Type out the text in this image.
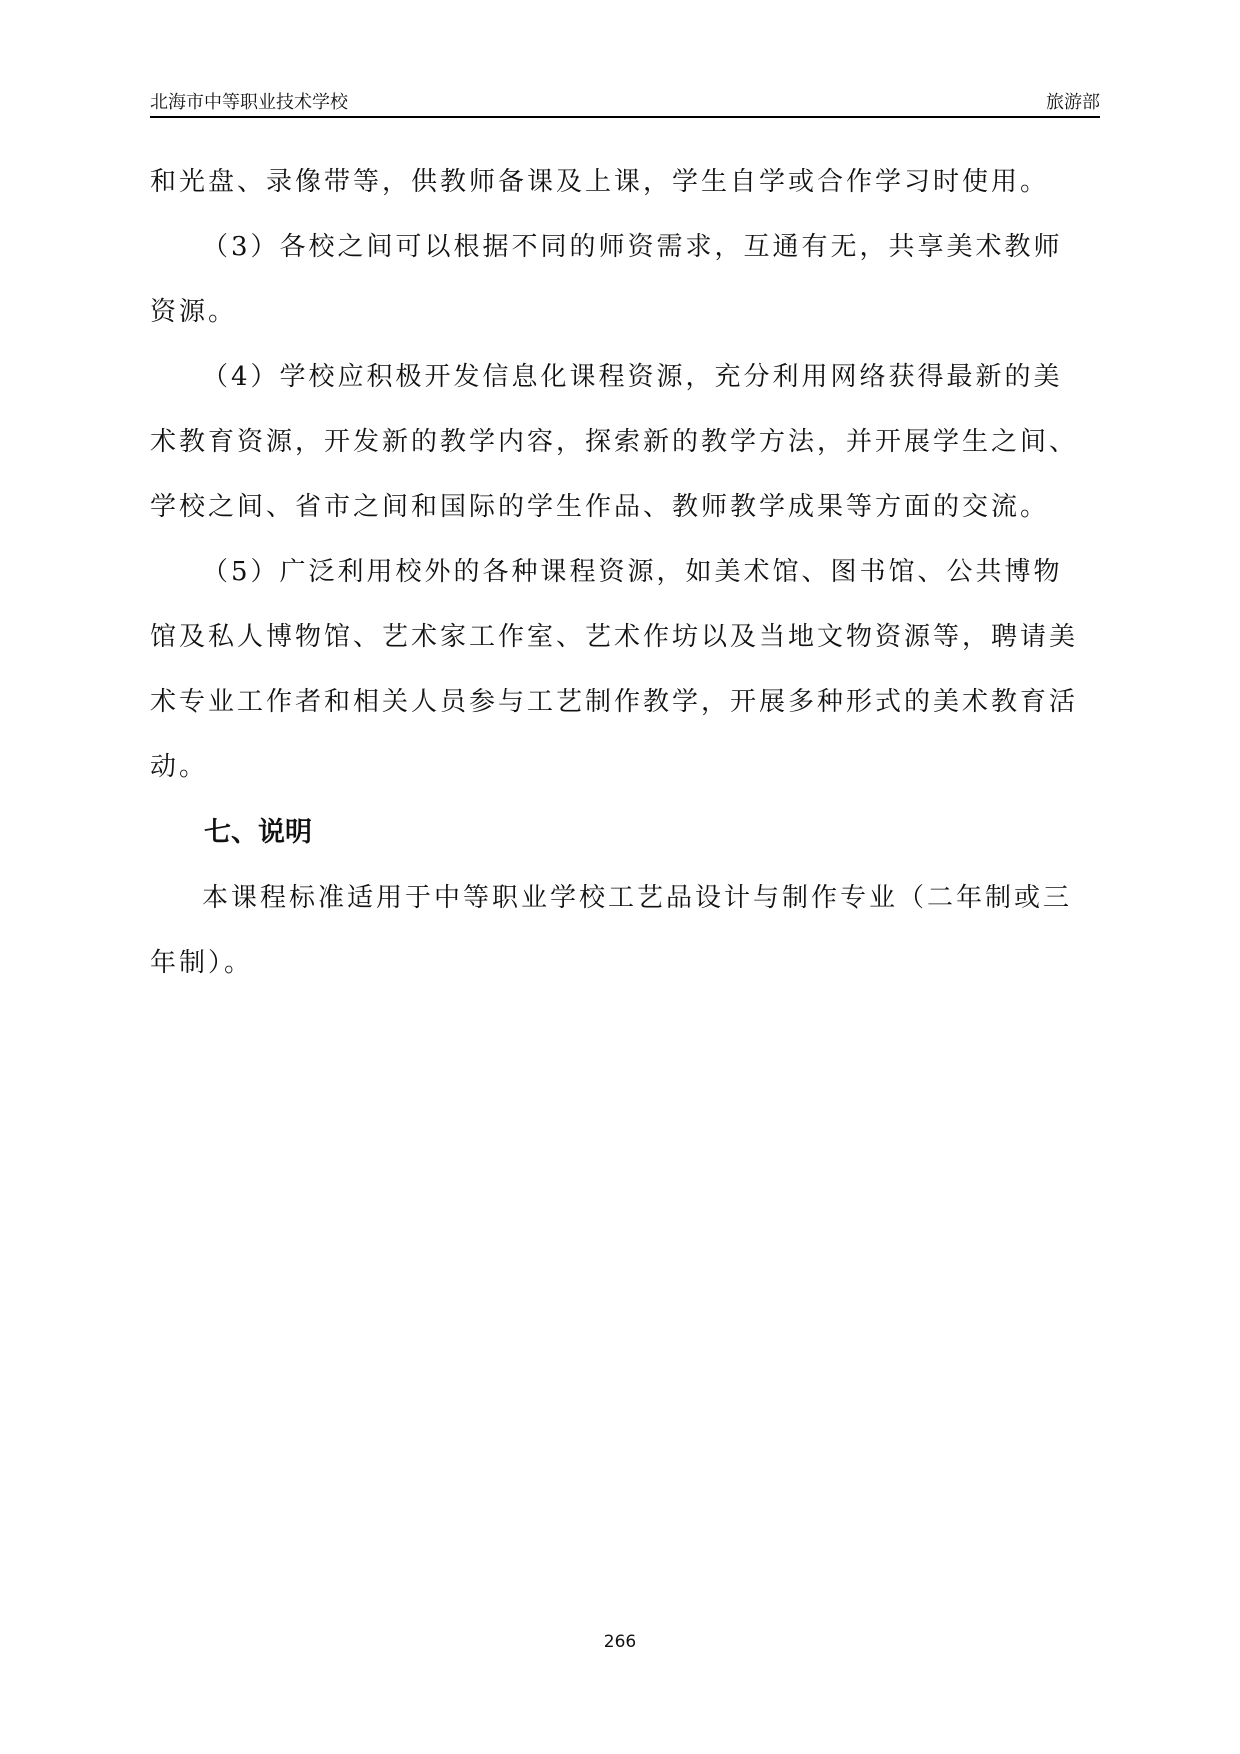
北海市中等职业技术学校	旅游部

和光盘、录像带等，供教师备课及上课，学生自学或合作学习时使用。

（3）各校之间可以根据不同的师资需求，互通有无，共享美术教师资源。

（4）学校应积极开发信息化课程资源，充分利用网络获得最新的美术教育资源，开发新的教学内容，探索新的教学方法，并开展学生之间、学校之间、省市之间和国际的学生作品、教师教学成果等方面的交流。

（5）广泛利用校外的各种课程资源，如美术馆、图书馆、公共博物馆及私人博物馆、艺术家工作室、艺术作坊以及当地文物资源等，聘请美术专业工作者和相关人员参与工艺制作教学，开展多种形式的美术教育活动。

七、说明

本课程标准适用于中等职业学校工艺品设计与制作专业（二年制或三年制）。

266
